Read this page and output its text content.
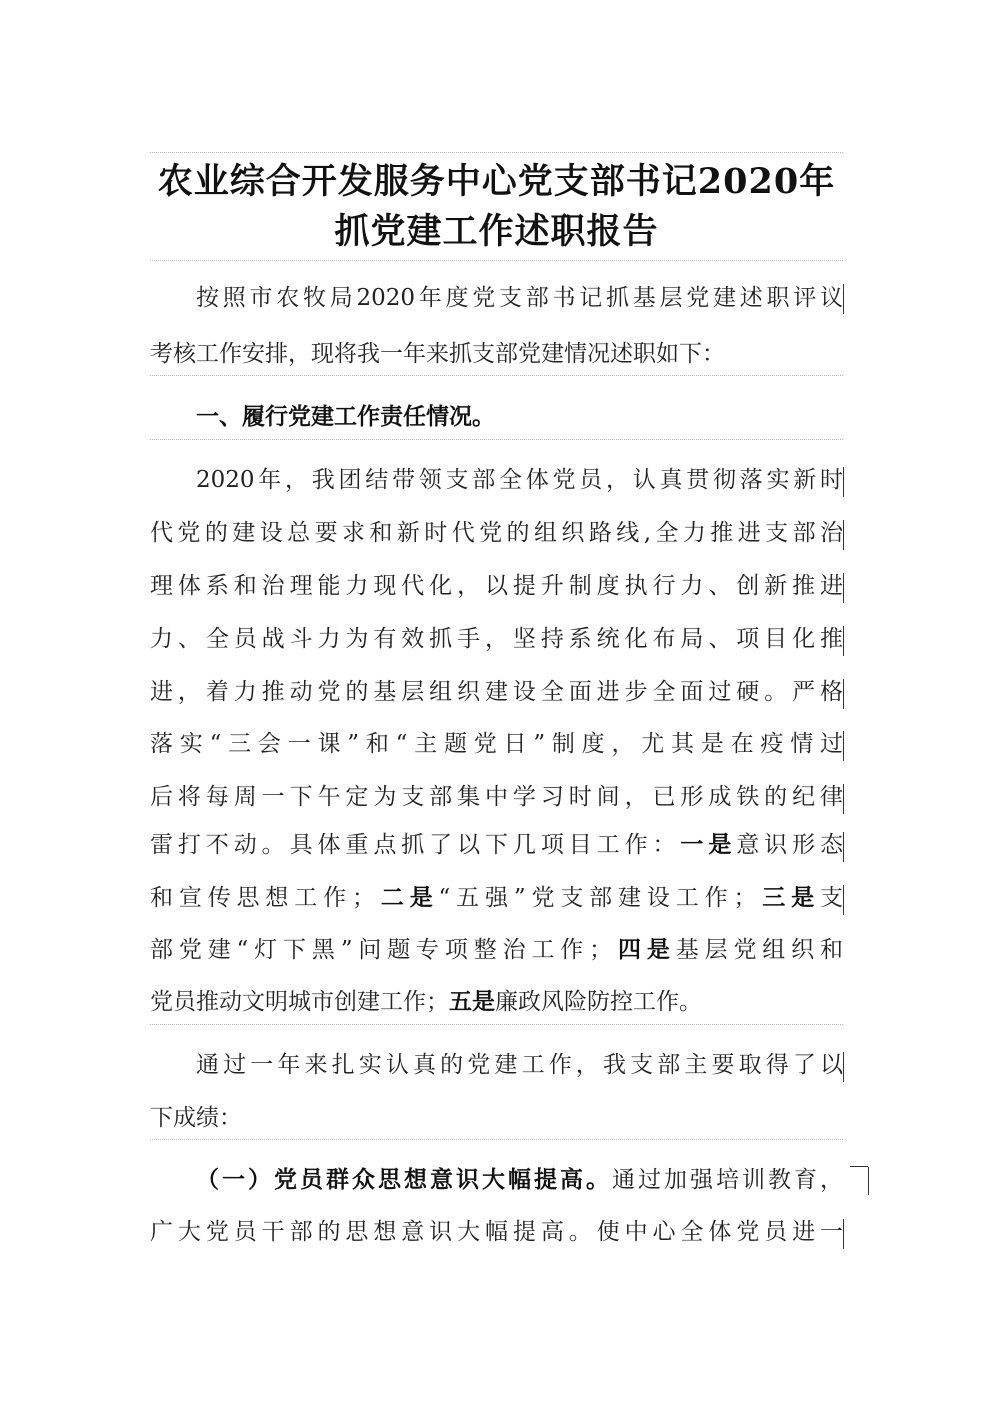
农业综合开发服务中心党支部书记2020年
抓党建工作述职报告
按照市农牧局2020年度党支部书记抓基层党建述职评议
考核工作安排，现将我一年来抓支部党建情况述职如下：
一、履行党建工作责任情况。
2020年，我团结带领支部全体党员，认真贯彻落实新时
代党的建设总要求和新时代党的组织路线,全力推进支部治
理体系和治理能力现代化，以提升制度执行力、创新推进
力、全员战斗力为有效抓手，坚持系统化布局、项目化推
进，着力推动党的基层组织建设全面进步全面过硬。严格
落实“三会一课”和“主题党日”制度，尤其是在疫情过
后将每周一下午定为支部集中学习时间，已形成铁的纪律
雷打不动。具体重点抓了以下几项目工作：一是意识形态
和宣传思想工作；二是“五强”党支部建设工作；三是支
部党建“灯下黑”问题专项整治工作；四是基层党组织和
党员推动文明城市创建工作；五是廉政风险防控工作。
通过一年来扎实认真的党建工作，我支部主要取得了以
下成绩：
（一）党员群众思想意识大幅提高。通过加强培训教育，
广大党员干部的思想意识大幅提高。使中心全体党员进一
